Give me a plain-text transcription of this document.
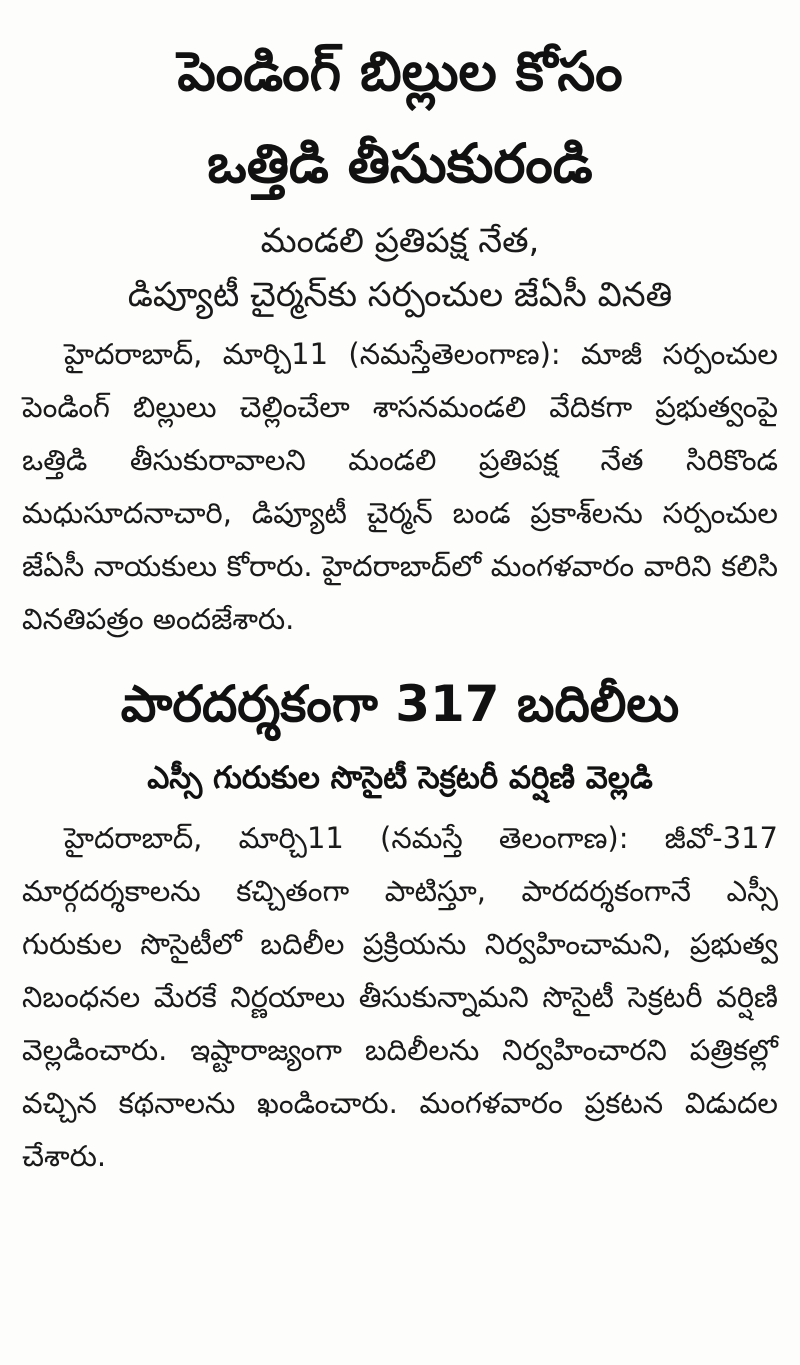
పెండింగ్ బిల్లుల కోసం
ఒత్తిడి తీసుకురండి

మండలి ప్రతిపక్ష నేత,

డిప్యూటీ చైర్మన్‌కు సర్పంచుల జేఏసీ వినతి

హైదరాబాద్, మార్చి11 (నమస్తేతెలంగాణ): మాజీ సర్పంచుల పెండింగ్ బిల్లులు చెల్లించేలా శాసనమండలి వేదికగా ప్రభుత్వంపై ఒత్తిడి తీసుకురావాలని మండలి ప్రతిపక్ష నేత సిరికొండ మధుసూదనాచారి, డిప్యూటీ చైర్మన్ బండ ప్రకాశ్‌లను సర్పంచుల జేఏసీ నాయకులు కోరారు. హైదరాబాద్‌లో మంగళవారం వారిని కలిసి వినతిపత్రం అందజేశారు.

పారదర్శకంగా 317 బదిలీలు

ఎస్సీ గురుకుల సొసైటీ సెక్రటరీ వర్షిణి వెల్లడి

హైదరాబాద్, మార్చి11 (నమస్తే తెలంగాణ): జీవో-317 మార్గదర్శకాలను కచ్చితంగా పాటిస్తూ, పారదర్శకంగానే ఎస్సీ గురుకుల సొసైటీలో బదిలీల ప్రక్రియను నిర్వహించామని, ప్రభుత్వ నిబంధనల మేరకే నిర్ణయాలు తీసుకున్నామని సొసైటీ సెక్రటరీ వర్షిణి వెల్లడించారు. ఇష్టారాజ్యంగా బదిలీలను నిర్వహించారని పత్రికల్లో వచ్చిన కథనాలను ఖండించారు. మంగళవారం ప్రకటన విడుదల చేశారు.
